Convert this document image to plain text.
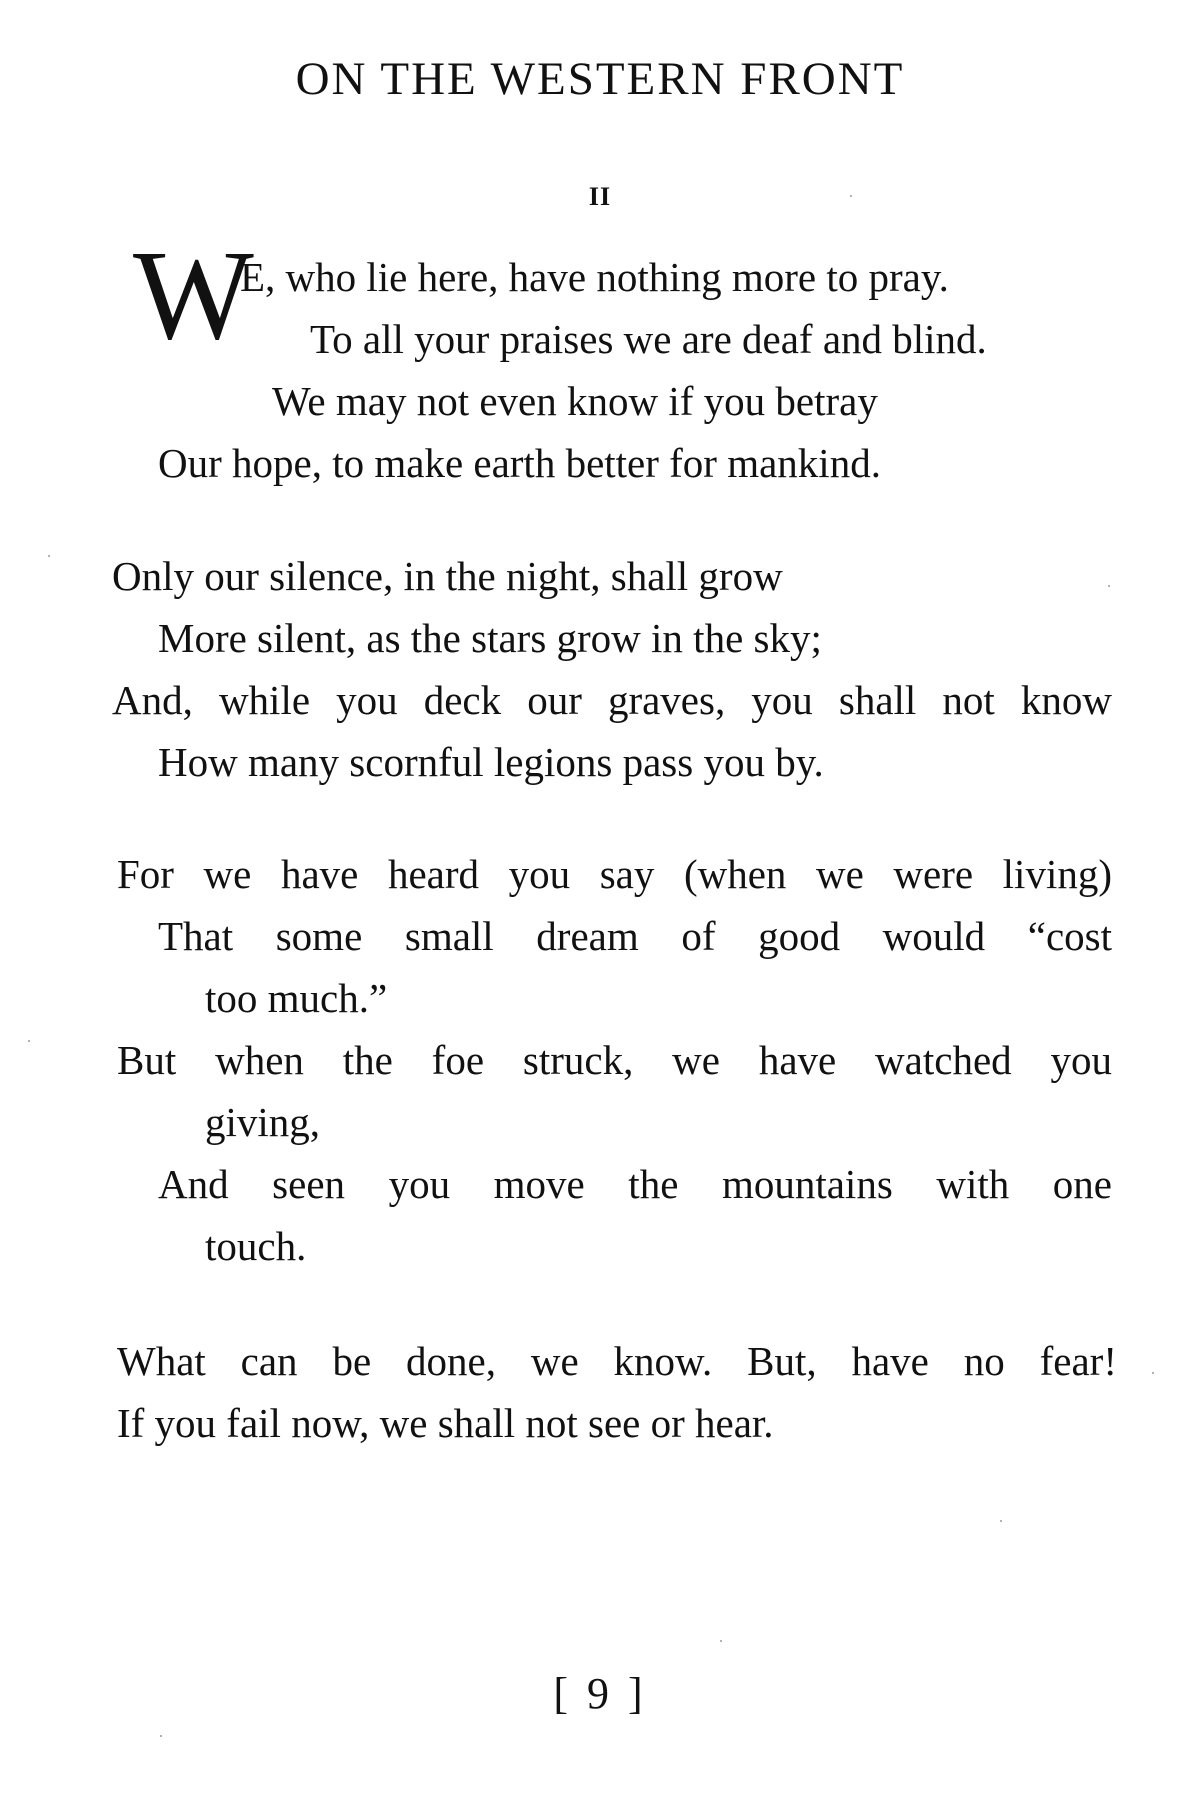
ON THE WESTERN FRONT
II
W
E, who lie here, have nothing more to pray.
To all your praises we are deaf and blind.
We may not even know if you betray
Our hope, to make earth better for mankind.
Only our silence, in the night, shall grow
More silent, as the stars grow in the sky;
And, while you deck our graves, you shall not know
How many scornful legions pass you by.
For we have heard you say (when we were living)
That some small dream of good would “cost
too much.”
But when the foe struck, we have watched you
giving,
And seen you move the mountains with one
touch.
What can be done, we know. But, have no fear!
If you fail now, we shall not see or hear.
[ 9 ]
